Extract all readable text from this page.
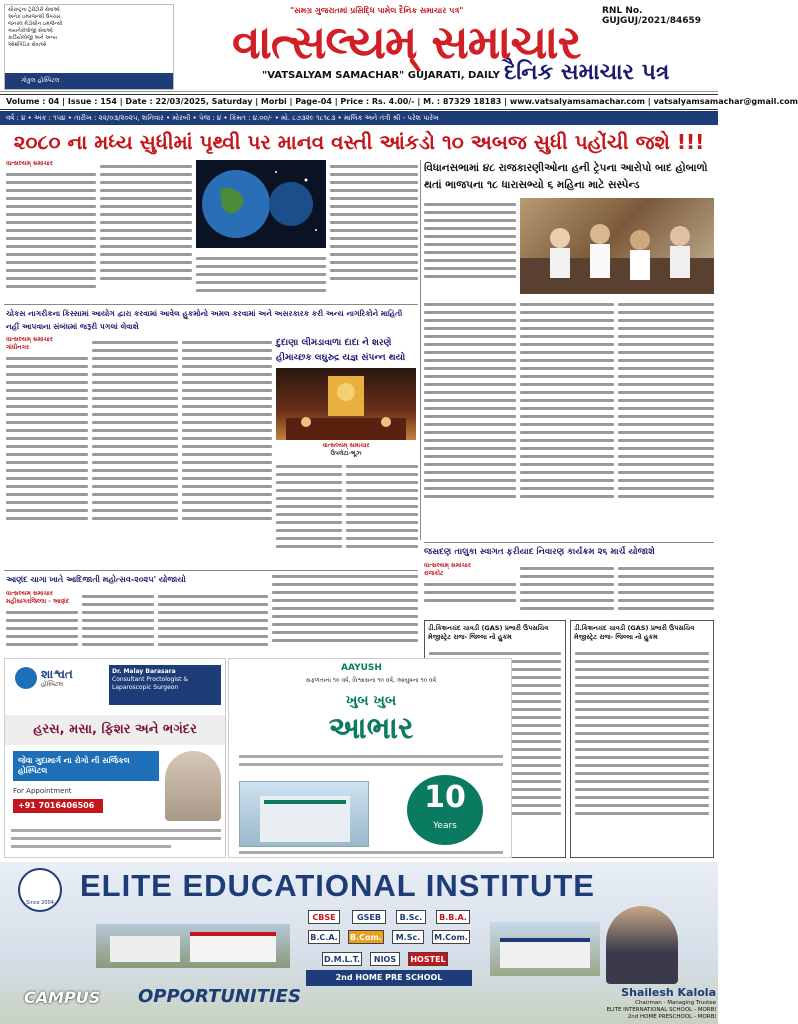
સૌરાષ્ટ્રના ટ્રેરીટોરી સેવાઓ
અનેક ઇમરજન્સી ઉપચાર
જનરલ મેડીસીન ઇમર્જન્સી
ગાયનેકોલોજી સેવાઓ
કાર્ડિયોલોજી અને અન્ય
ઓર્થોપેડિક સેવાઓ
ગોકુલ હોસ્પિટલ
"સમગ્ર ગુજરાતમાં પ્રસિદ્ધિ પામેલ દૈનિક સમાચાર પત્ર"	RNL No. GUJGUJ/2021/84659
વાત્સલ્યમ્ સમાચાર
"VATSALYAM SAMACHAR" GUJARATI, DAILY દૈનિક સમાચાર પત્ર
Volume : 04 | Issue : 154 | Date : 22/03/2025, Saturday | Morbi | Page-04 | Price : Rs. 4.00/- | M. : 87329 18183 | www.vatsalyamsamachar.com | vatsalyamsamachar@gmail.com
વર્ષ : ૪ • અંક : ૧૫૪ • તારીખ : ૨૨/૦૩/૨૦૨૫, શનિવાર • મોરબી • પેજ : ૪ • કિંમત : ૪.૦૦/- • મો. ૮૭૩૨૯ ૧૮૧૮૩ • માલિક અને તંત્રી શ્રી - પરેશ પારેખ
૨૦૮૦ ના મધ્ય સુધીમાં પૃથ્વી પર માનવ વસ્તી આંકડો ૧૦ અબજ સુધી પહોંચી જશે !!!
વાત્સલ્યમ્ સમાચાર	વિધાનસભામાં ૪૮ રાજકારણીઓના હની ટ્રેપના આરોપો બાદ હોબાળો થતાં ભાજપના ૧૮ ધારાસભ્યો ૬ મહિના માટે સસ્પેન્ડ
ચોકસ નાગરીકના કિસ્સામાં આયોગ દ્વારા કરવામાં આવેલ હુકમોનો અમલ કરવામાં અને અસરકારક કરી અન્ય નાગરિકોને માહિતી નહીં આપવાના સંબંધમાં જરૂરી પગલાં લેવાશે
વાત્સલ્યમ્ સમાચાર
ગાંધીનગર	દુદાણા લીમડાવાળા દાદા ને શરણે હીમાચ્છક લઘુરુદ્ર યજ્ઞ સંપન્ન થયો
વાત્સલ્યમ્ સમાચાર
ઉપલેટા-ભૂઝ
આણંદ ચાગા ખાતે આદિજાતી મહોત્સવ-૨૦૨૫' યોજાયો
વાત્સલ્યમ્ સમાચાર
મહીસાગરજિલ્લા - આણંદ
જસદણ તાલુકા સ્વાગત ફરીયાદ નિવારણ કાર્યક્રમ ૨૬ માર્ચે યોજાશે
વાત્સલ્યમ્ સમાચાર
રાજકોટ
ડી.કિશનચંદ ચાવડી (GAS) પ્રભારી ઉપસચિવ મેજીસ્ટ્રેટ રાજ- જિલ્લા નો હુકમ
ડી.કિશનચંદ ચાવડી (GAS) પ્રભારી ઉપસચિવ મેજીસ્ટ્રેટ રાજ- જિલ્લા નો હુકમ
શાશ્વત
હોસ્પિટલ
Dr. Malay Barasara
Consultant Proctologist & Laparoscopic Surgeon
હરસ, મસા, ફિશર અને ભગંદર
જેવા ગુદામાર્ગ ના રોગો ની સર્જિકલ હોસ્પિટલ
For Appointment
+91 7016406506
AAYUSH
સફળતાના ૧૦ વર્ષ, વિશ્વાસના ૧૦ વર્ષ, આયુષના ૧૦ વર્ષ
ખુબ ખુબ
આભાર
10
Years
Since 2004 ELITE EDUCATIONAL INSTITUTE
CBSE	GSEB	B.Sc.	B.B.A.
B.C.A. B.Com.	M.Sc.	M.Com.
D.M.L.T.	NIOS	HOSTEL
2nd HOME PRE SCHOOL
CAMPUS OPPORTUNITIES	Shailesh Kalola
Chairman - Managing Trustee
ELITE INTERNATIONAL SCHOOL - MORBI
2nd HOME PRESCHOOL - MORBI
